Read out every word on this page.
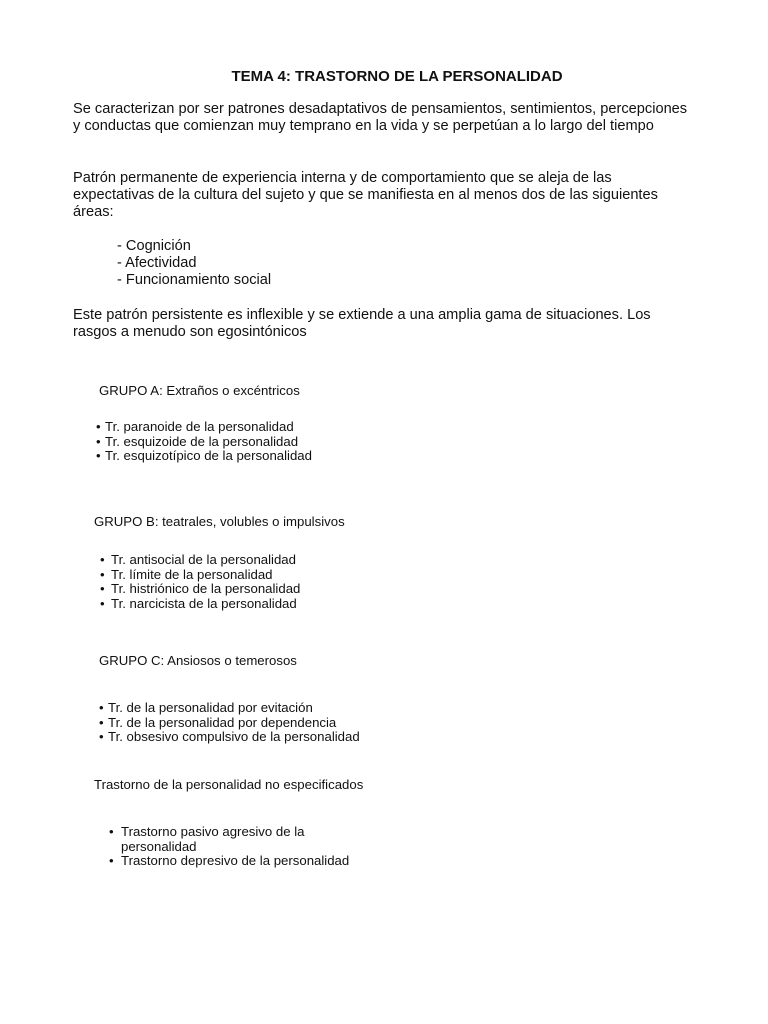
TEMA 4: TRASTORNO DE LA PERSONALIDAD

Se caracterizan por ser patrones desadaptativos de pensamientos, sentimientos, percepciones y conductas que comienzan muy temprano en la vida y se perpetúan a lo largo del tiempo

Patrón permanente de experiencia interna y de comportamiento que se aleja de las expectativas de la cultura del sujeto y que se manifiesta en al menos dos de las siguientes áreas:

- Cognición
- Afectividad
- Funcionamiento social

Este patrón persistente es inflexible y se extiende a una amplia gama de situaciones. Los rasgos a menudo son egosintónicos

GRUPO A: Extraños o excéntricos

• Tr. paranoide de la personalidad
• Tr. esquizoide de la personalidad
• Tr. esquizotípico de la personalidad

GRUPO B: teatrales, volubles o impulsivos

• Tr. antisocial de la personalidad
• Tr. límite de la personalidad
• Tr. histriónico de la personalidad
• Tr. narcicista de la personalidad

GRUPO C: Ansiosos o temerosos

• Tr. de la personalidad por evitación
• Tr. de la personalidad por dependencia
• Tr. obsesivo compulsivo de la personalidad

Trastorno de la personalidad no especificados

• Trastorno pasivo agresivo de la personalidad
• Trastorno depresivo de la personalidad
